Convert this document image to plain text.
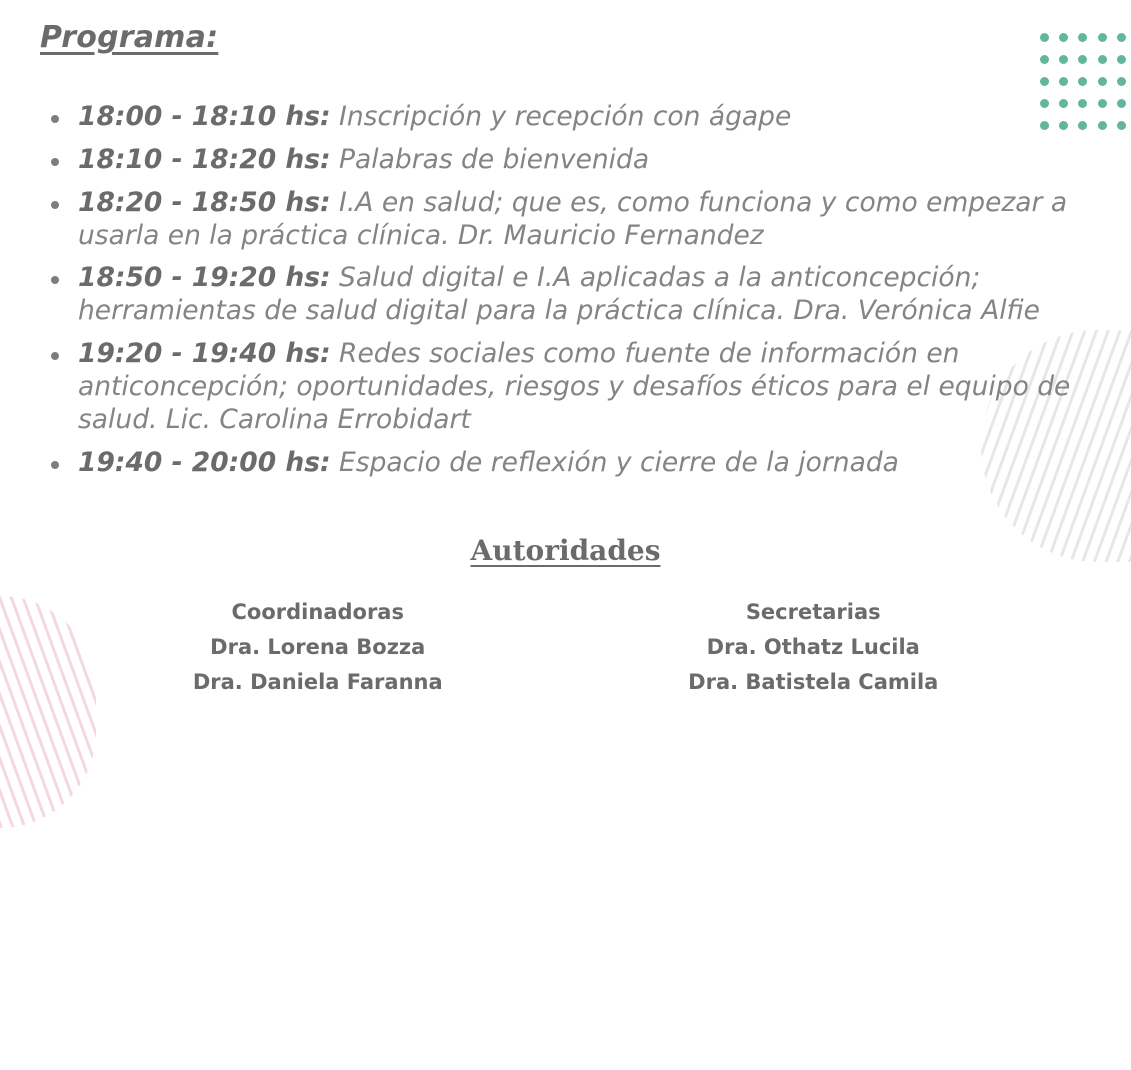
Programa:
18:00 - 18:10 hs: Inscripción y recepción con ágape
18:10 - 18:20 hs: Palabras de bienvenida
18:20 - 18:50 hs: I.A en salud; que es, como funciona y como empezar a usarla en la práctica clínica. Dr. Mauricio Fernandez
18:50 - 19:20 hs: Salud digital e I.A aplicadas a la anticoncepción; herramientas de salud digital para la práctica clínica. Dra. Verónica Alfie
19:20 - 19:40 hs: Redes sociales como fuente de información en anticoncepción; oportunidades, riesgos y desafíos éticos para el equipo de salud. Lic. Carolina Errobidart
19:40 - 20:00 hs: Espacio de reflexión y cierre de la jornada
Autoridades
Coordinadoras
Dra. Lorena Bozza
Dra. Daniela Faranna
Secretarias
Dra. Othatz Lucila
Dra. Batistela Camila
